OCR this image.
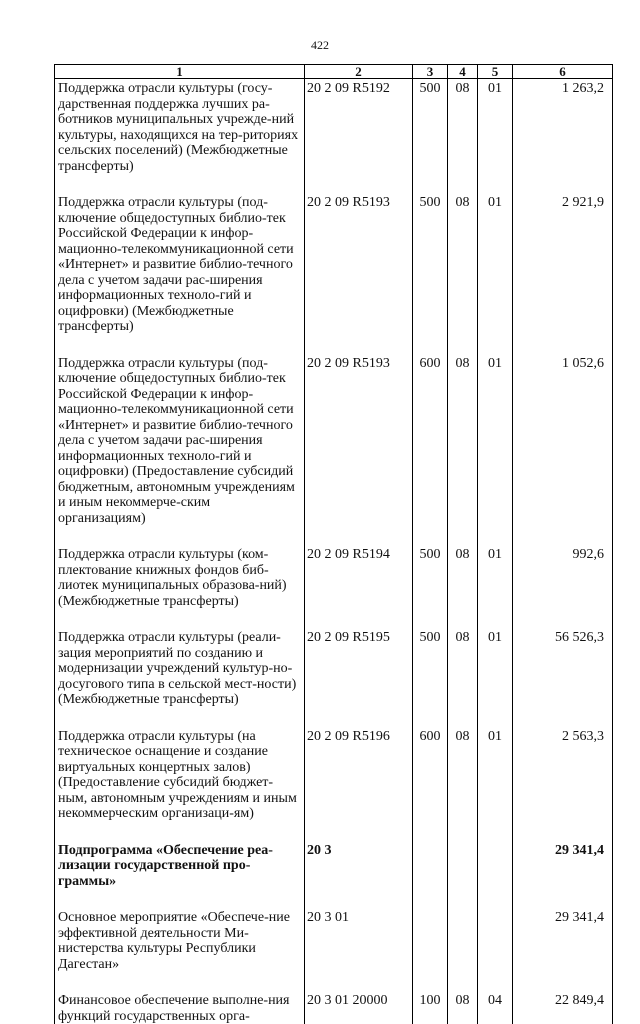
422
1	2	3	4	5	6
Поддержка отрасли культуры (госу-дарственная поддержка лучших ра-ботников муниципальных учрежде-ний культуры, находящихся на тер-риториях сельских поселений) (Межбюджетные трансферты)	20 2 09 R5192	500	08	01	1 263,2
Поддержка отрасли культуры (под-ключение общедоступных библио-тек Российской Федерации к инфор-мационно-телекоммуникационной сети «Интернет» и развитие библио-течного дела с учетом задачи рас-ширения информационных техноло-гий и оцифровки) (Межбюджетные трансферты)	20 2 09 R5193	500	08	01	2 921,9
Поддержка отрасли культуры (под-ключение общедоступных библио-тек Российской Федерации к инфор-мационно-телекоммуникационной сети «Интернет» и развитие библио-течного дела с учетом задачи рас-ширения информационных техноло-гий и оцифровки) (Предоставление субсидий бюджетным, автономным учреждениям и иным некоммерче-ским организациям)	20 2 09 R5193	600	08	01	1 052,6
Поддержка отрасли культуры (ком-плектование книжных фондов биб-лиотек муниципальных образова-ний) (Межбюджетные трансферты)	20 2 09 R5194	500	08	01	992,6
Поддержка отрасли культуры (реали-зация мероприятий по созданию и модернизации учреждений культур-но-досугового типа в сельской мест-ности) (Межбюджетные трансферты)	20 2 09 R5195	500	08	01	56 526,3
Поддержка отрасли культуры (на техническое оснащение и создание виртуальных концертных залов) (Предоставление субсидий бюджет-ным, автономным учреждениям и иным некоммерческим организаци-ям)	20 2 09 R5196	600	08	01	2 563,3
Подпрограмма «Обеспечение реа-лизации государственной про-граммы»	20 3				29 341,4
Основное мероприятие «Обеспече-ние эффективной деятельности Ми-нистерства культуры Республики Дагестан»	20 3 01				29 341,4
Финансовое обеспечение выполне-ния функций государственных орга-	20 3 01 20000	100	08	04	22 849,4
